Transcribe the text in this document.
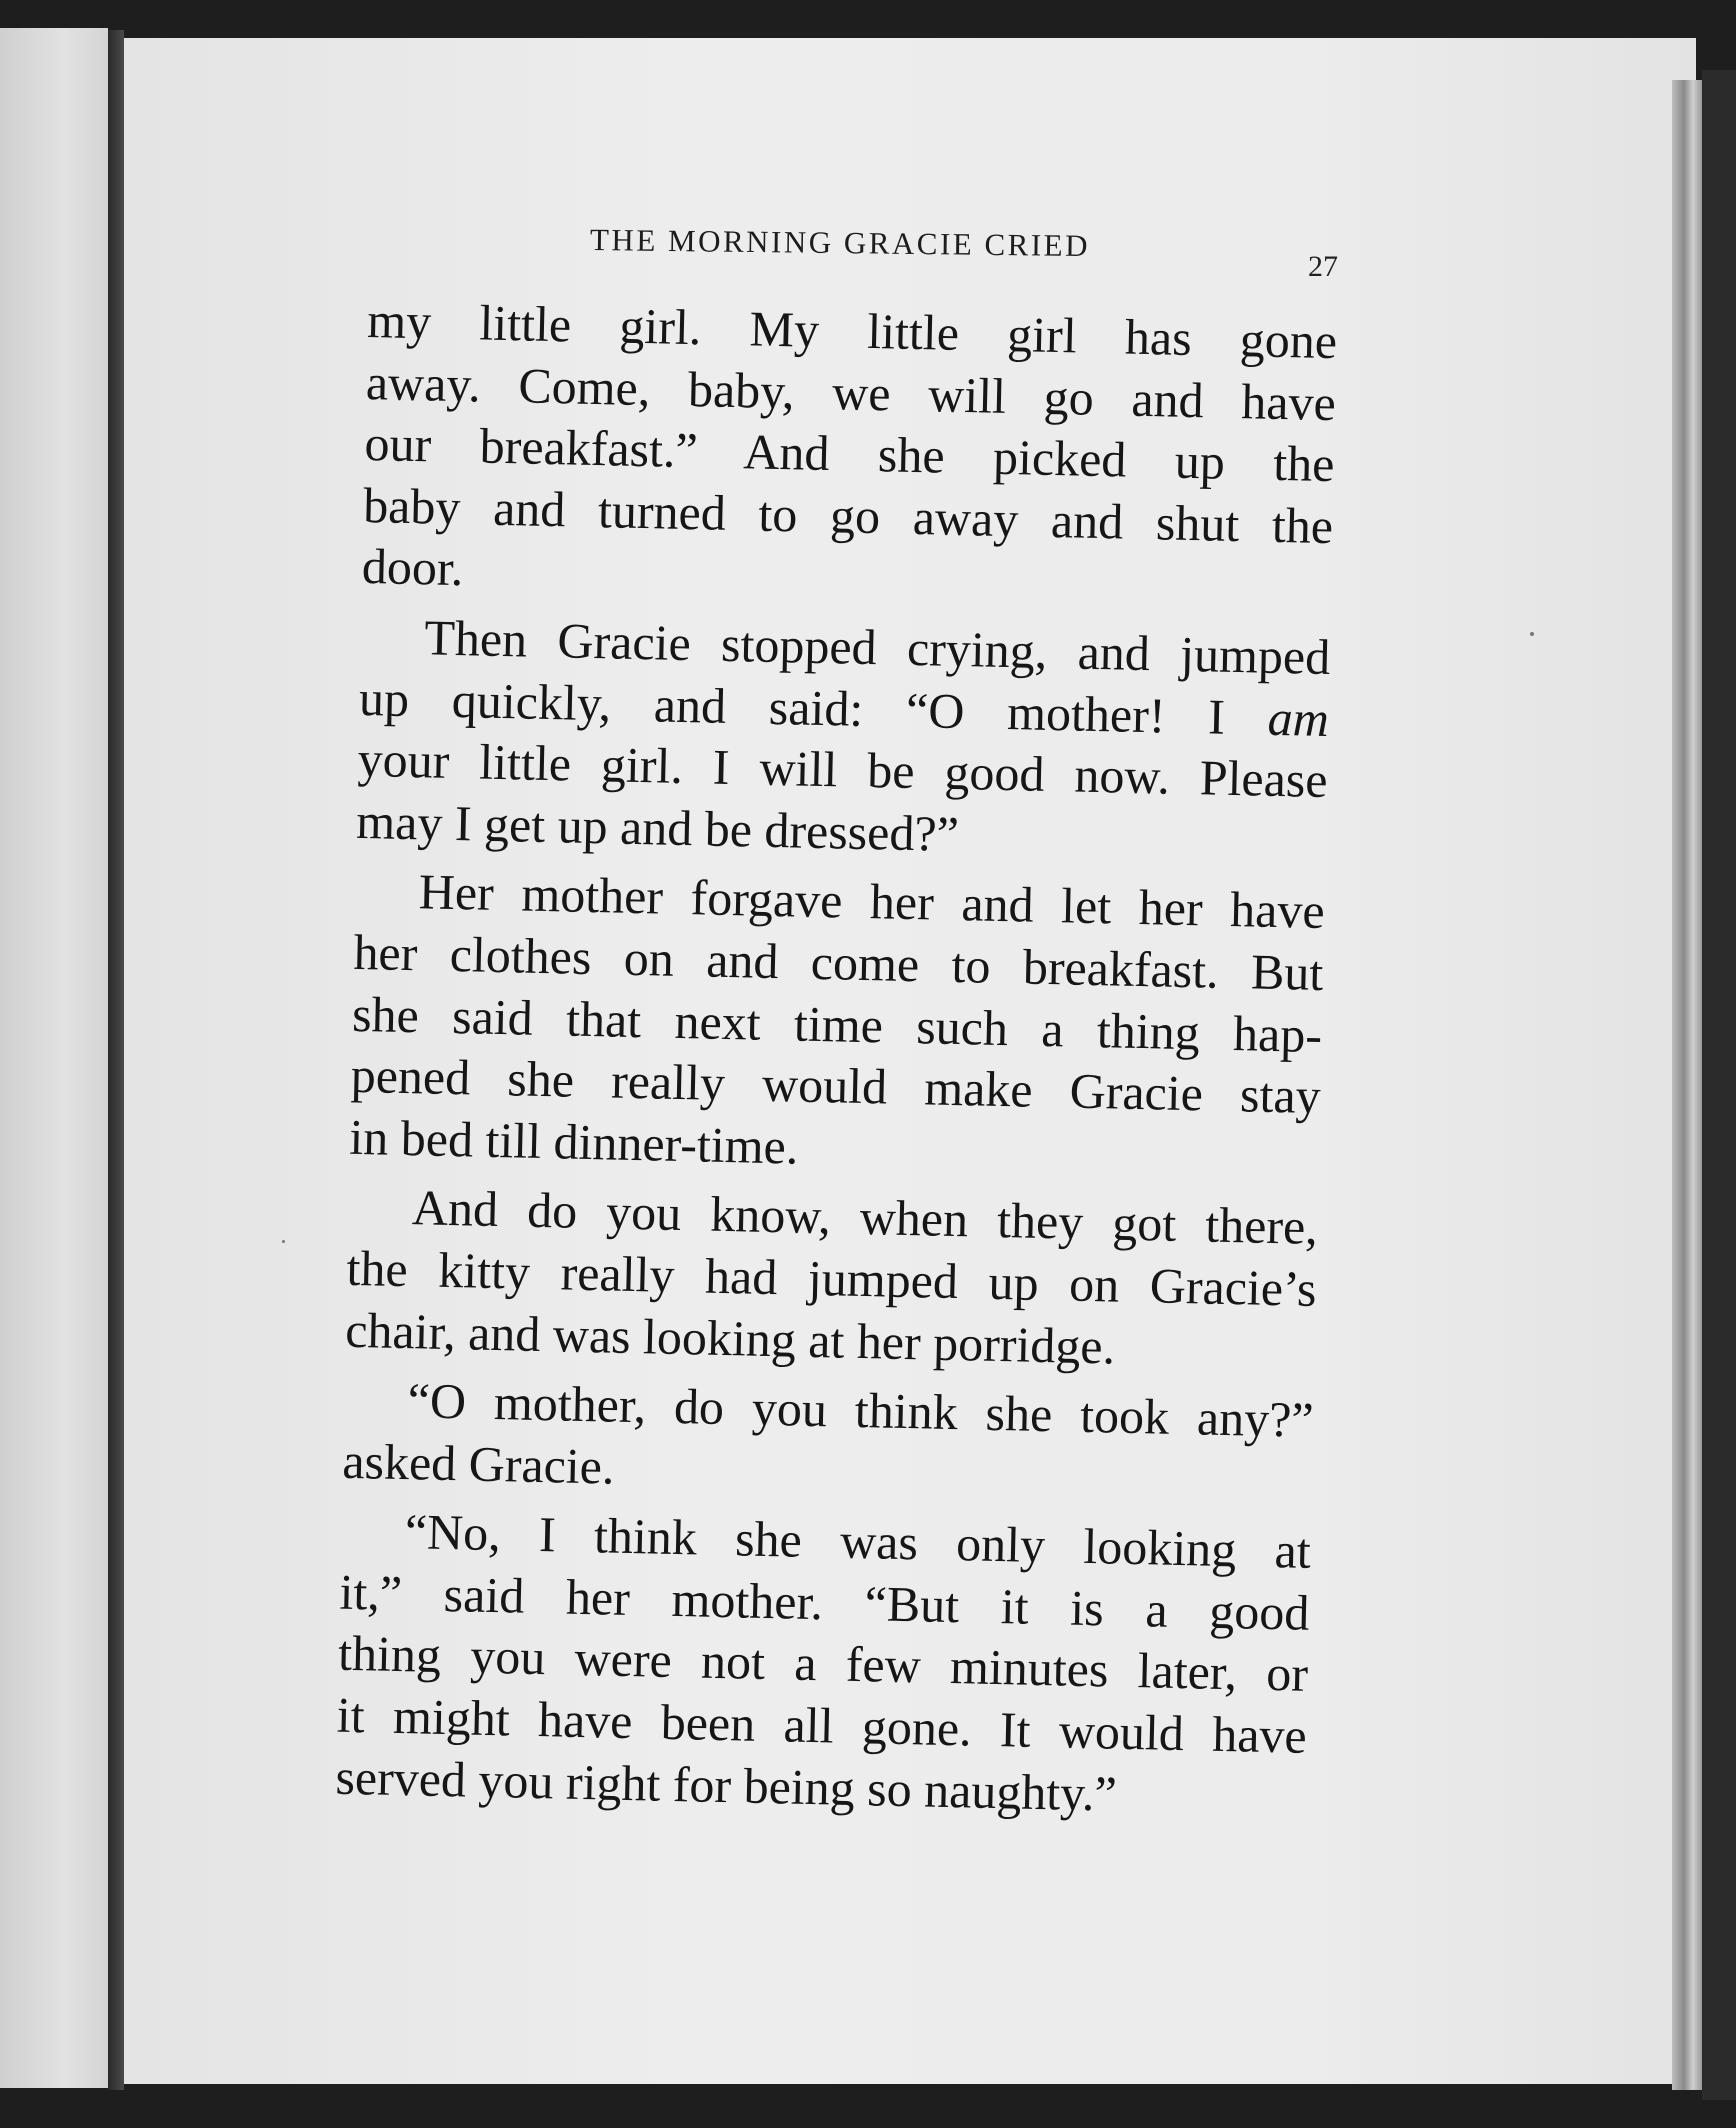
THE MORNING GRACIE CRIED
27
my little girl. My little girl has gone
away. Come, baby, we will go and have
our breakfast.” And she picked up the
baby and turned to go away and shut the
door.
Then Gracie stopped crying, and jumped
up quickly, and said: “O mother! I am
your little girl. I will be good now. Please
may I get up and be dressed?”
Her mother forgave her and let her have
her clothes on and come to breakfast. But
she said that next time such a thing hap-
pened she really would make Gracie stay
in bed till dinner-time.
And do you know, when they got there,
the kitty really had jumped up on Gracie’s
chair, and was looking at her porridge.
“O mother, do you think she took any?”
asked Gracie.
“No, I think she was only looking at
it,” said her mother. “But it is a good
thing you were not a few minutes later, or
it might have been all gone. It would have
served you right for being so naughty.”
